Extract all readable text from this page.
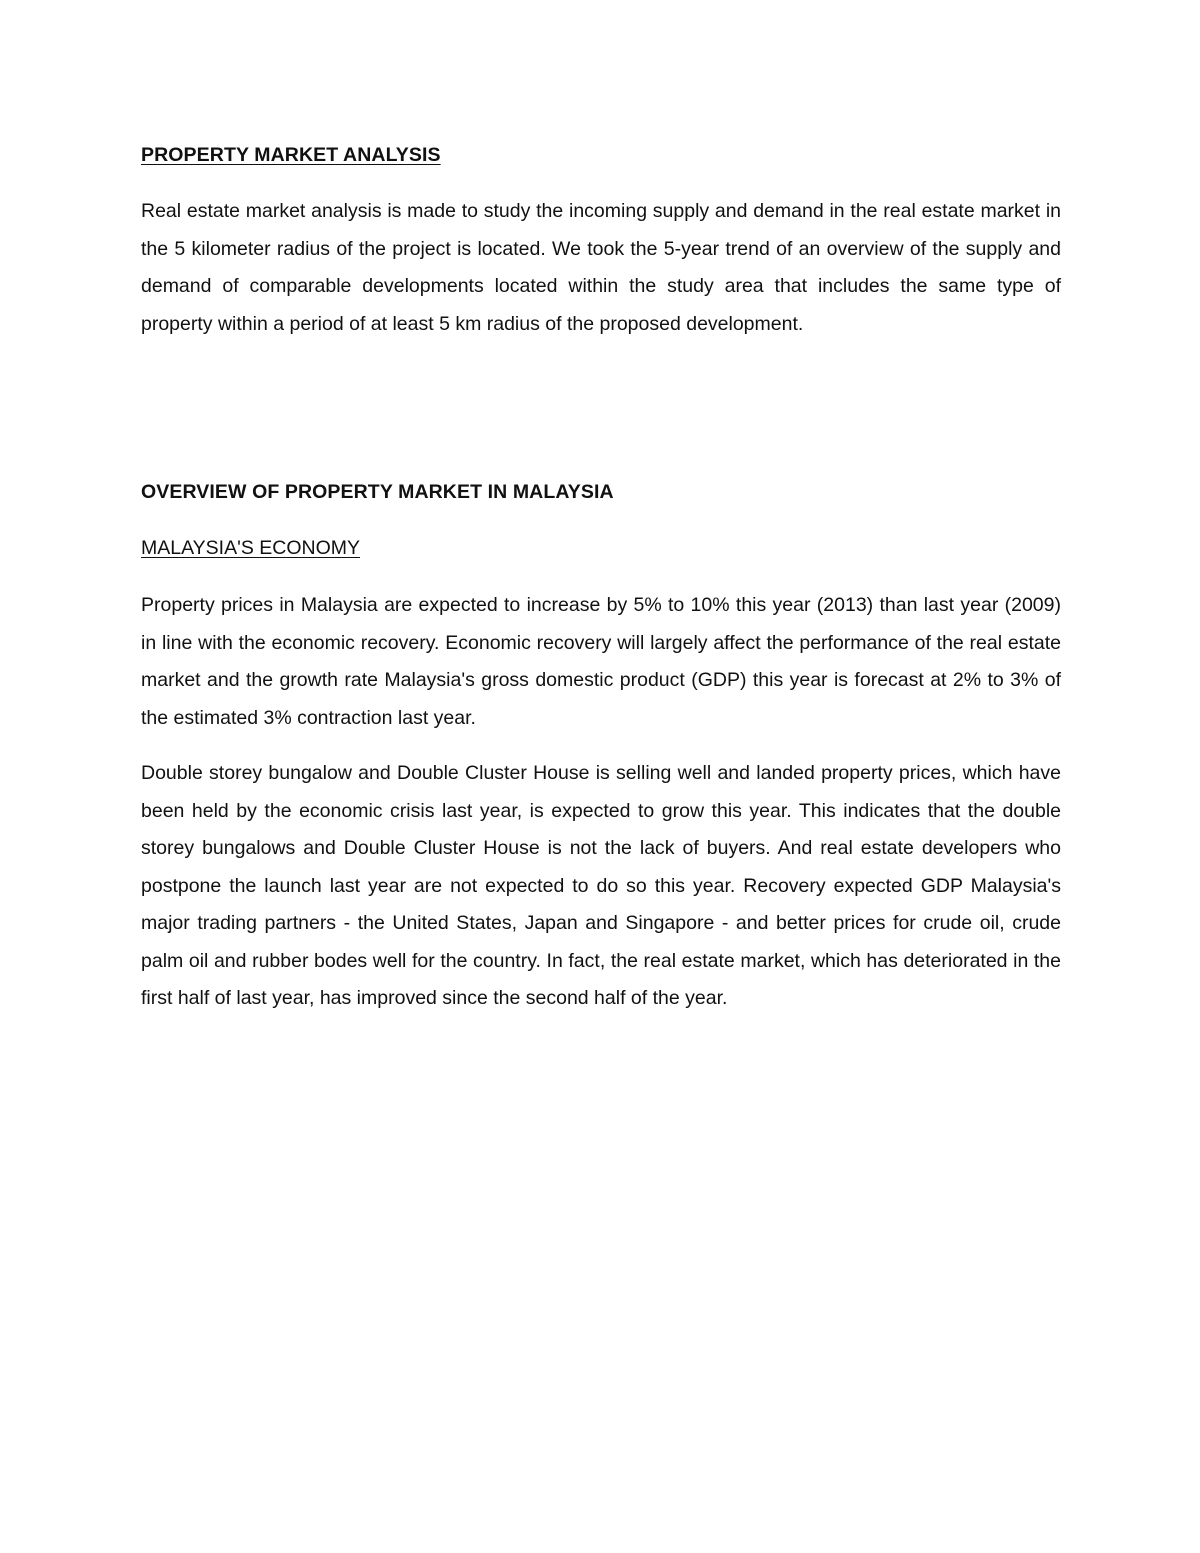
PROPERTY MARKET ANALYSIS

Real estate market analysis is made to study the incoming supply and demand in the real estate market in the 5 kilometer radius of the project is located. We took the 5-year trend of an overview of the supply and demand of comparable developments located within the study area that includes the same type of property within a period of at least 5 km radius of the proposed development.

OVERVIEW OF PROPERTY MARKET IN MALAYSIA
MALAYSIA'S ECONOMY

Property prices in Malaysia are expected to increase by 5% to 10% this year (2013) than last year (2009) in line with the economic recovery. Economic recovery will largely affect the performance of the real estate market and the growth rate Malaysia's gross domestic product (GDP) this year is forecast at 2% to 3% of the estimated 3% contraction last year.

Double storey bungalow and Double Cluster House is selling well and landed property prices, which have been held by the economic crisis last year, is expected to grow this year. This indicates that the double storey bungalows and Double Cluster House is not the lack of buyers. And real estate developers who postpone the launch last year are not expected to do so this year. Recovery expected GDP Malaysia's major trading partners - the United States, Japan and Singapore - and better prices for crude oil, crude palm oil and rubber bodes well for the country. In fact, the real estate market, which has deteriorated in the first half of last year, has improved since the second half of the year.
